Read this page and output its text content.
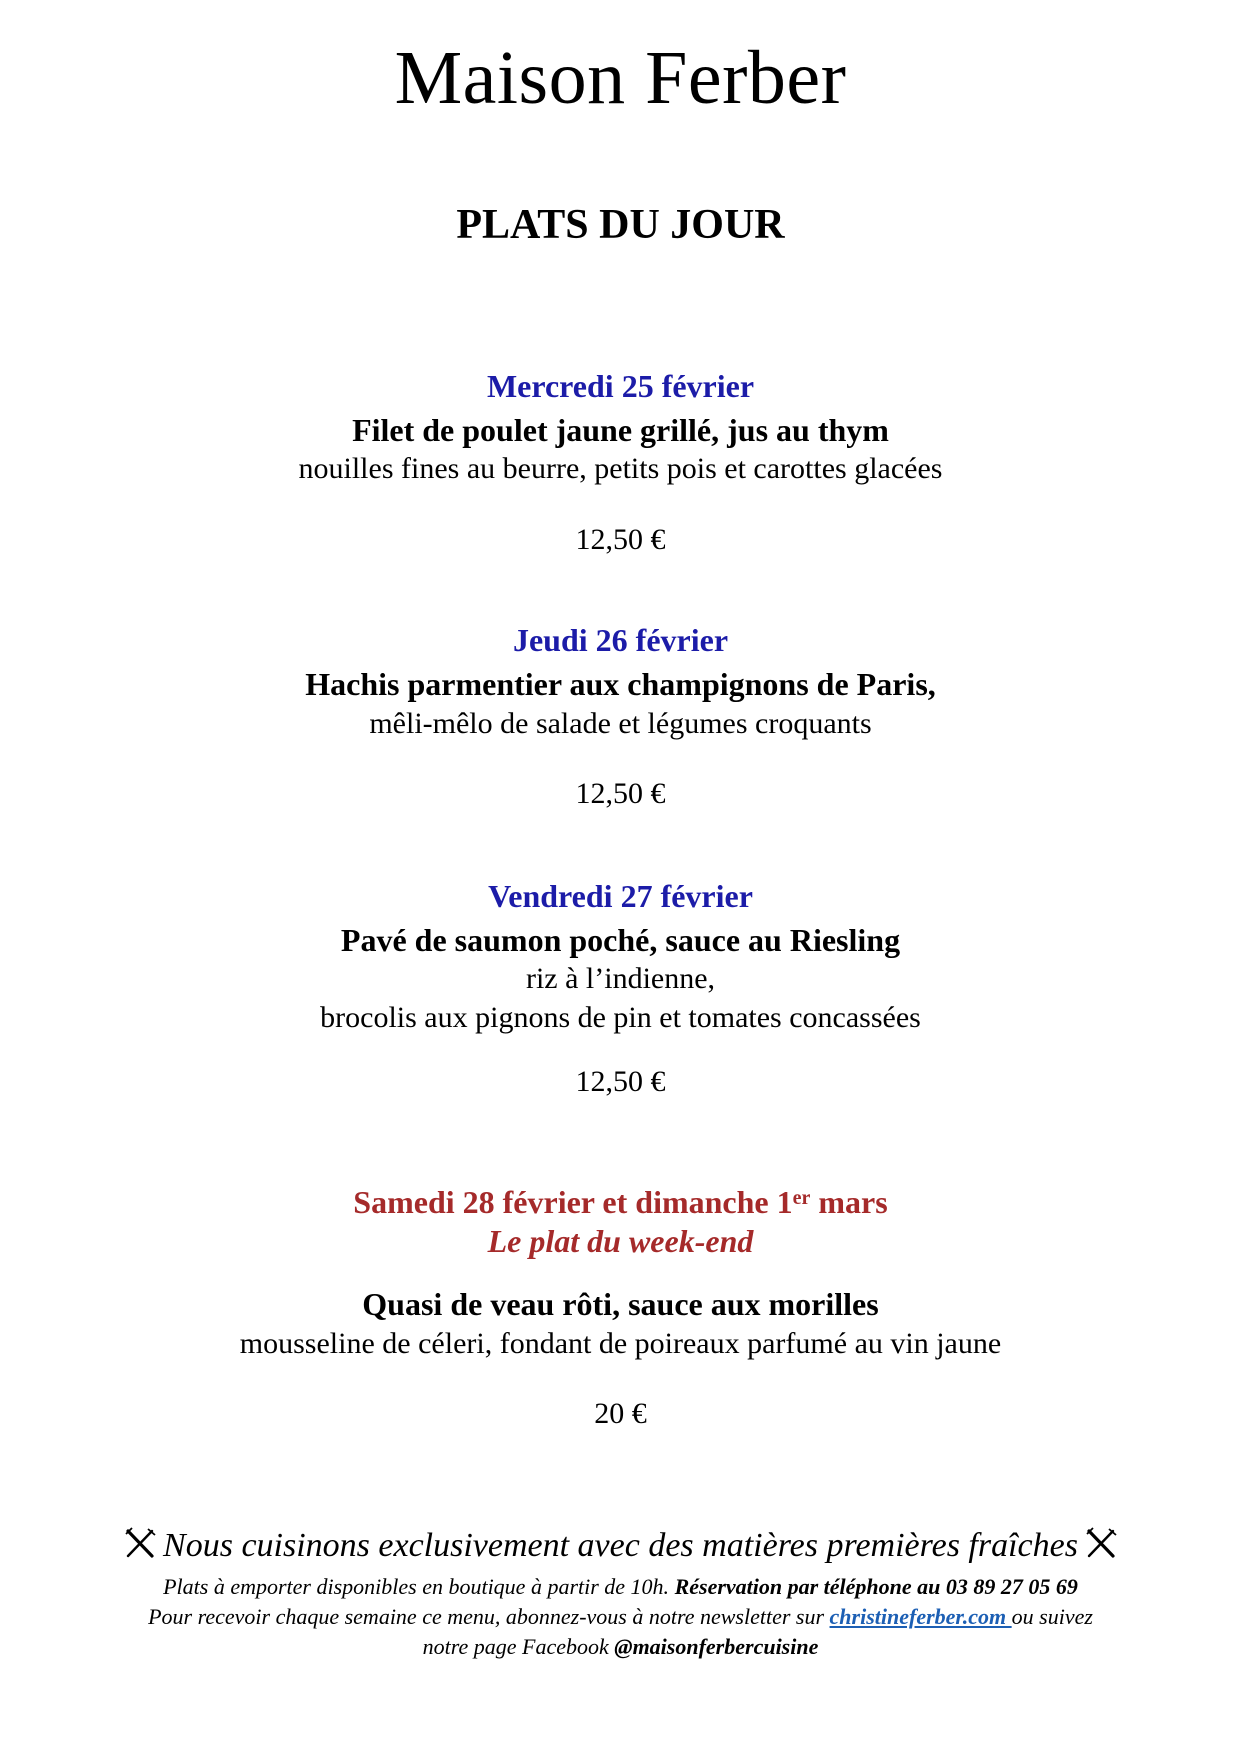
Maison Ferber
PLATS DU JOUR
Mercredi 25 février
Filet de poulet jaune grillé, jus au thym
nouilles fines au beurre, petits pois et carottes glacées
12,50 €
Jeudi 26 février
Hachis parmentier aux champignons de Paris,
mêli-mêlo de salade et légumes croquants
12,50 €
Vendredi 27 février
Pavé de saumon poché, sauce au Riesling
riz à l’indienne,
brocolis aux pignons de pin et tomates concassées
12,50 €
Samedi 28 février et dimanche 1er mars
Le plat du week-end
Quasi de veau rôti, sauce aux morilles
mousseline de céleri, fondant de poireaux parfumé au vin jaune
20 €
Nous cuisinons exclusivement avec des matières premières fraîches
Plats à emporter disponibles en boutique à partir de 10h. Réservation par téléphone au 03 89 27 05 69
Pour recevoir chaque semaine ce menu, abonnez-vous à notre newsletter sur christineferber.com ou suivez
notre page Facebook @maisonferbercuisine
